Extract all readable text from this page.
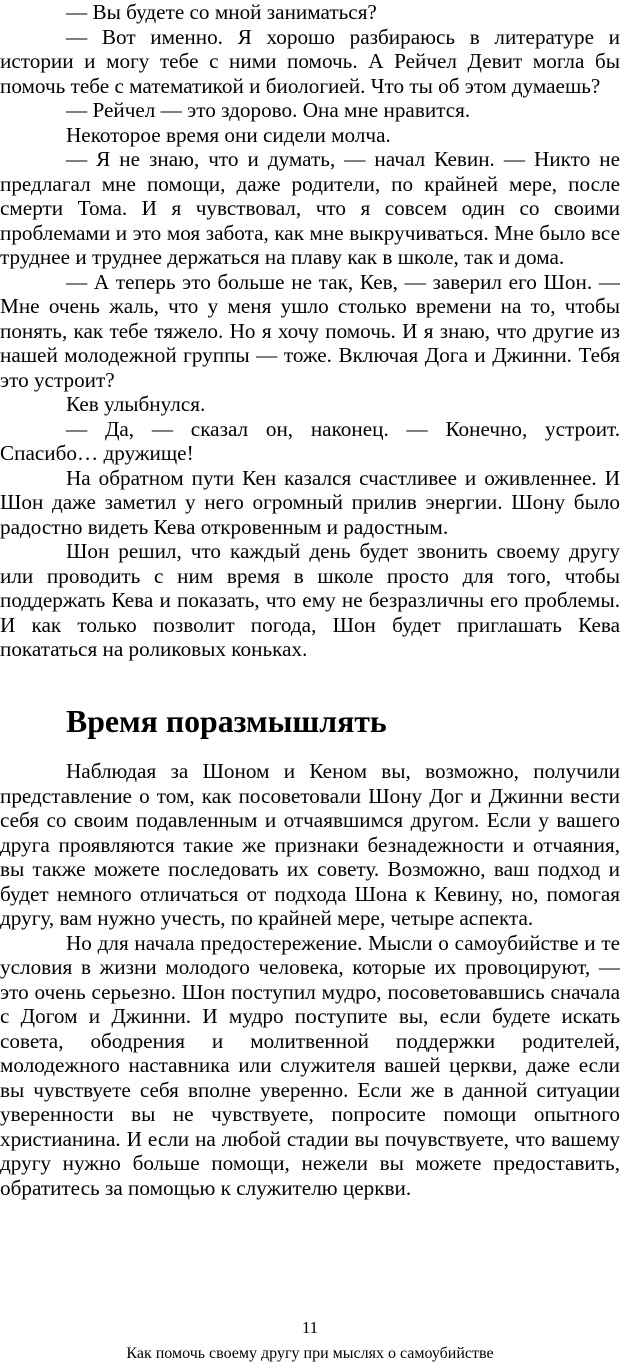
— Вы будете со мной заниматься?

— Вот именно. Я хорошо разбираюсь в литературе и истории и могу тебе с ними помочь. А Рейчел Девит могла бы помочь тебе с математикой и биологией. Что ты об этом думаешь?

— Рейчел — это здорово. Она мне нравится.

Некоторое время они сидели молча.

— Я не знаю, что и думать, — начал Кевин. — Никто не предлагал мне помощи, даже родители, по крайней мере, после смерти Тома. И я чувствовал, что я совсем один со своими проблемами и это моя забота, как мне выкручиваться. Мне было все труднее и труднее держаться на плаву как в школе, так и дома.

— А теперь это больше не так, Кев, — заверил его Шон. — Мне очень жаль, что у меня ушло столько времени на то, чтобы понять, как тебе тяжело. Но я хочу помочь. И я знаю, что другие из нашей молодежной группы — тоже. Включая Дога и Джинни. Тебя это устроит?

Кев улыбнулся.

— Да, — сказал он, наконец. — Конечно, устроит. Спасибо… дружище!

На обратном пути Кен казался счастливее и оживленнее. И Шон даже заметил у него огромный прилив энергии. Шону было радостно видеть Кева откровенным и радостным.

Шон решил, что каждый день будет звонить своему другу или проводить с ним время в школе просто для того, чтобы поддержать Кева и показать, что ему не безразличны его проблемы. И как только позволит погода, Шон будет приглашать Кева покататься на роликовых коньках.

Время поразмышлять

Наблюдая за Шоном и Кеном вы, возможно, получили представление о том, как посоветовали Шону Дог и Джинни вести себя со своим подавленным и отчаявшимся другом. Если у вашего друга проявляются такие же признаки безнадежности и отчаяния, вы также можете последовать их совету. Возможно, ваш подход и будет немного отличаться от подхода Шона к Кевину, но, помогая другу, вам нужно учесть, по крайней мере, четыре аспекта.

Но для начала предостережение. Мысли о самоубийстве и те условия в жизни молодого человека, которые их провоцируют, — это очень серьезно. Шон поступил мудро, посоветовавшись сначала с Догом и Джинни. И мудро поступите вы, если будете искать совета, ободрения и молитвенной поддержки родителей, молодежного наставника или служителя вашей церкви, даже если вы чувствуете себя вполне уверенно. Если же в данной ситуации уверенности вы не чувствуете, попросите помощи опытного христианина. И если на любой стадии вы почувствуете, что вашему другу нужно больше помощи, нежели вы можете предоставить, обратитесь за помощью к служителю церкви.

11
Как помочь своему другу при мыслях о самоубийстве
